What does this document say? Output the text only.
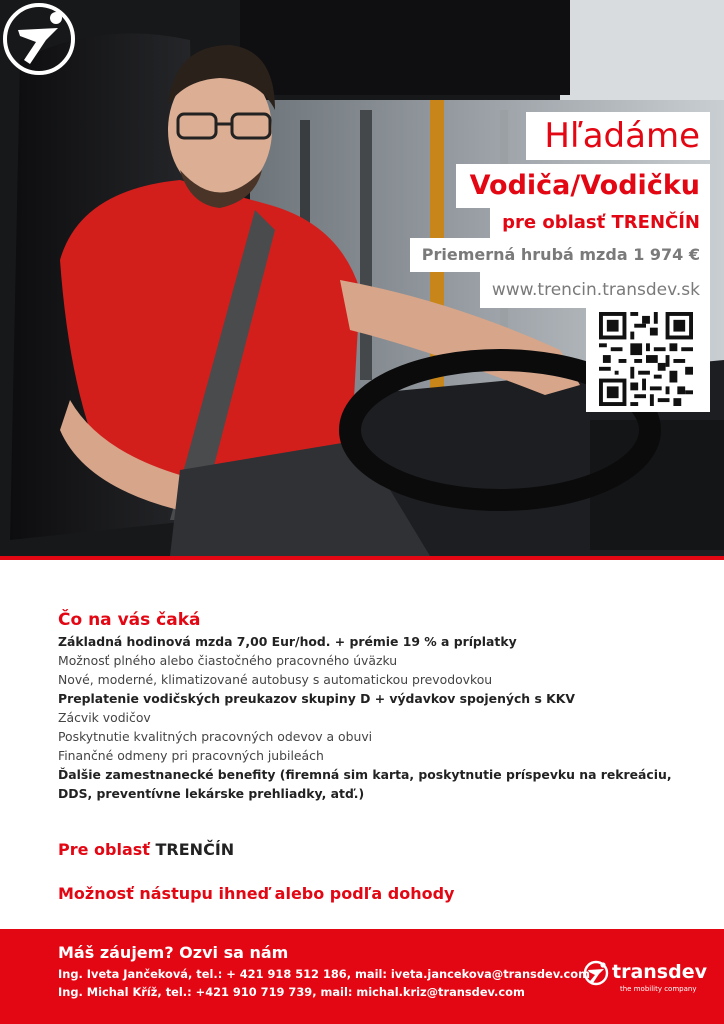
Hľadáme
Vodiča/Vodičku
pre oblasť TRENČÍN
Priemerná hrubá mzda 1 974 €
www.trencin.transdev.sk
Čo na vás čaká
Základná hodinová mzda 7,00 Eur/hod. + prémie 19 % a príplatky
Možnosť plného alebo čiastočného pracovného úväzku
Nové, moderné, klimatizované autobusy s automatickou prevodovkou
Preplatenie vodičských preukazov skupiny D + výdavkov spojených s KKV
Zácvik vodičov
Poskytnutie kvalitných pracovných odevov a obuvi
Finančné odmeny pri pracovných jubileách
Ďalšie zamestnanecké benefity (firemná sim karta, poskytnutie príspevku na rekreáciu,
DDS, preventívne lekárske prehliadky, atď.)
Pre oblasť TRENČÍN
Možnosť nástupu ihneď alebo podľa dohody
Máš záujem? Ozvi sa nám
Ing. Iveta Jančeková, tel.: + 421 918 512 186, mail: iveta.jancekova@transdev.com
Ing. Michal Kříž, tel.: +421 910 719 739, mail: michal.kriz@transdev.com
transdev
the mobility company
